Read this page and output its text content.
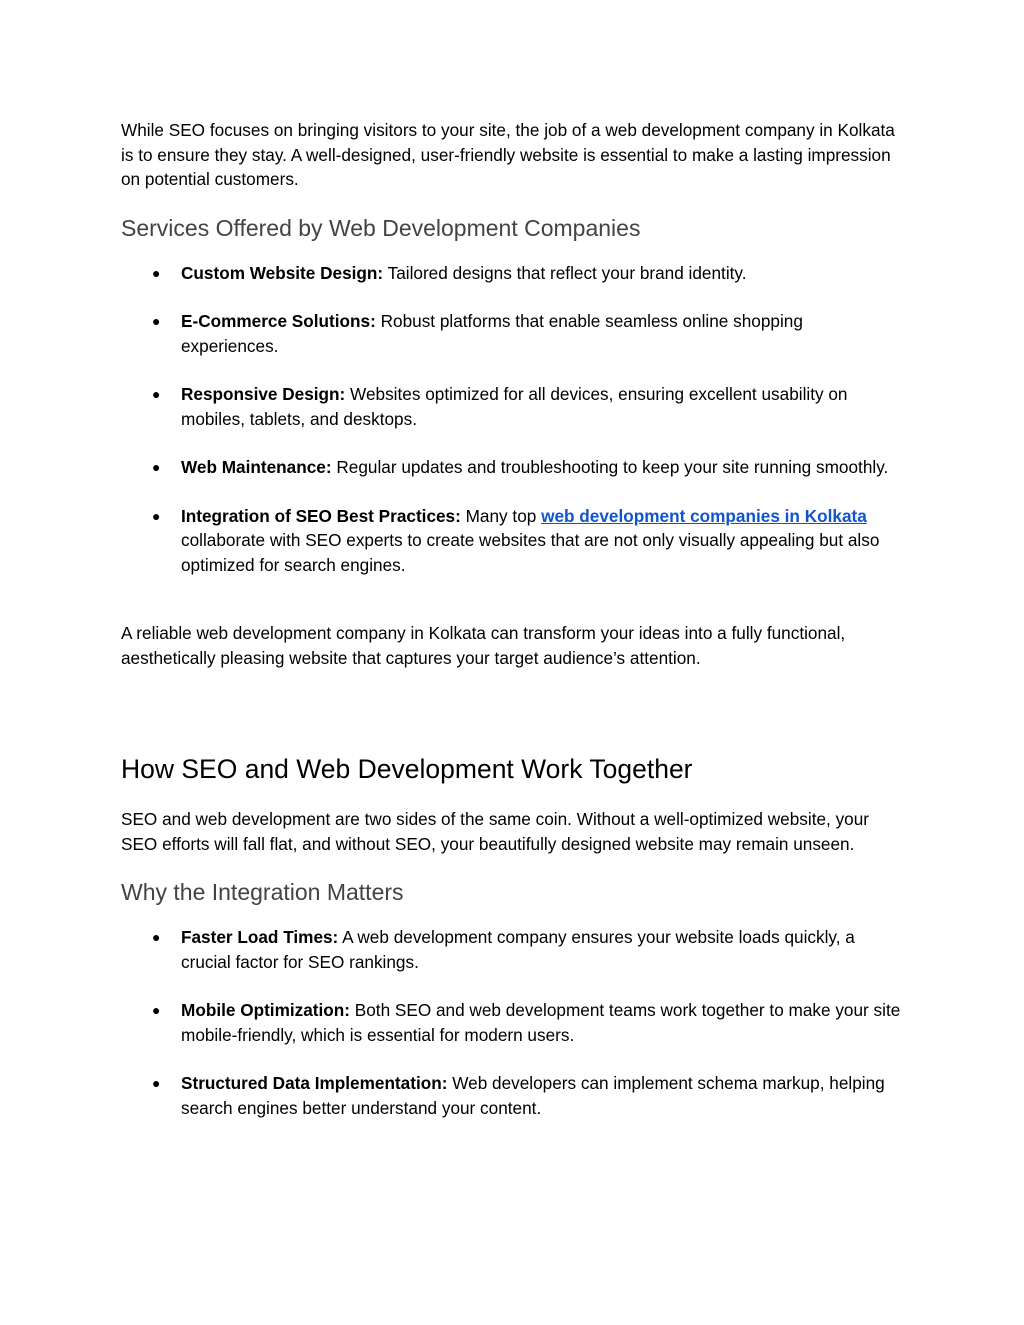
While SEO focuses on bringing visitors to your site, the job of a web development company in Kolkata is to ensure they stay. A well-designed, user-friendly website is essential to make a lasting impression on potential customers.

Services Offered by Web Development Companies
● Custom Website Design: Tailored designs that reflect your brand identity.
● E-Commerce Solutions: Robust platforms that enable seamless online shopping experiences.
● Responsive Design: Websites optimized for all devices, ensuring excellent usability on mobiles, tablets, and desktops.
● Web Maintenance: Regular updates and troubleshooting to keep your site running smoothly.
● Integration of SEO Best Practices: Many top web development companies in Kolkata collaborate with SEO experts to create websites that are not only visually appealing but also optimized for search engines.

A reliable web development company in Kolkata can transform your ideas into a fully functional, aesthetically pleasing website that captures your target audience’s attention.

How SEO and Web Development Work Together

SEO and web development are two sides of the same coin. Without a well-optimized website, your SEO efforts will fall flat, and without SEO, your beautifully designed website may remain unseen.

Why the Integration Matters
● Faster Load Times: A web development company ensures your website loads quickly, a crucial factor for SEO rankings.
● Mobile Optimization: Both SEO and web development teams work together to make your site mobile-friendly, which is essential for modern users.
● Structured Data Implementation: Web developers can implement schema markup, helping search engines better understand your content.
